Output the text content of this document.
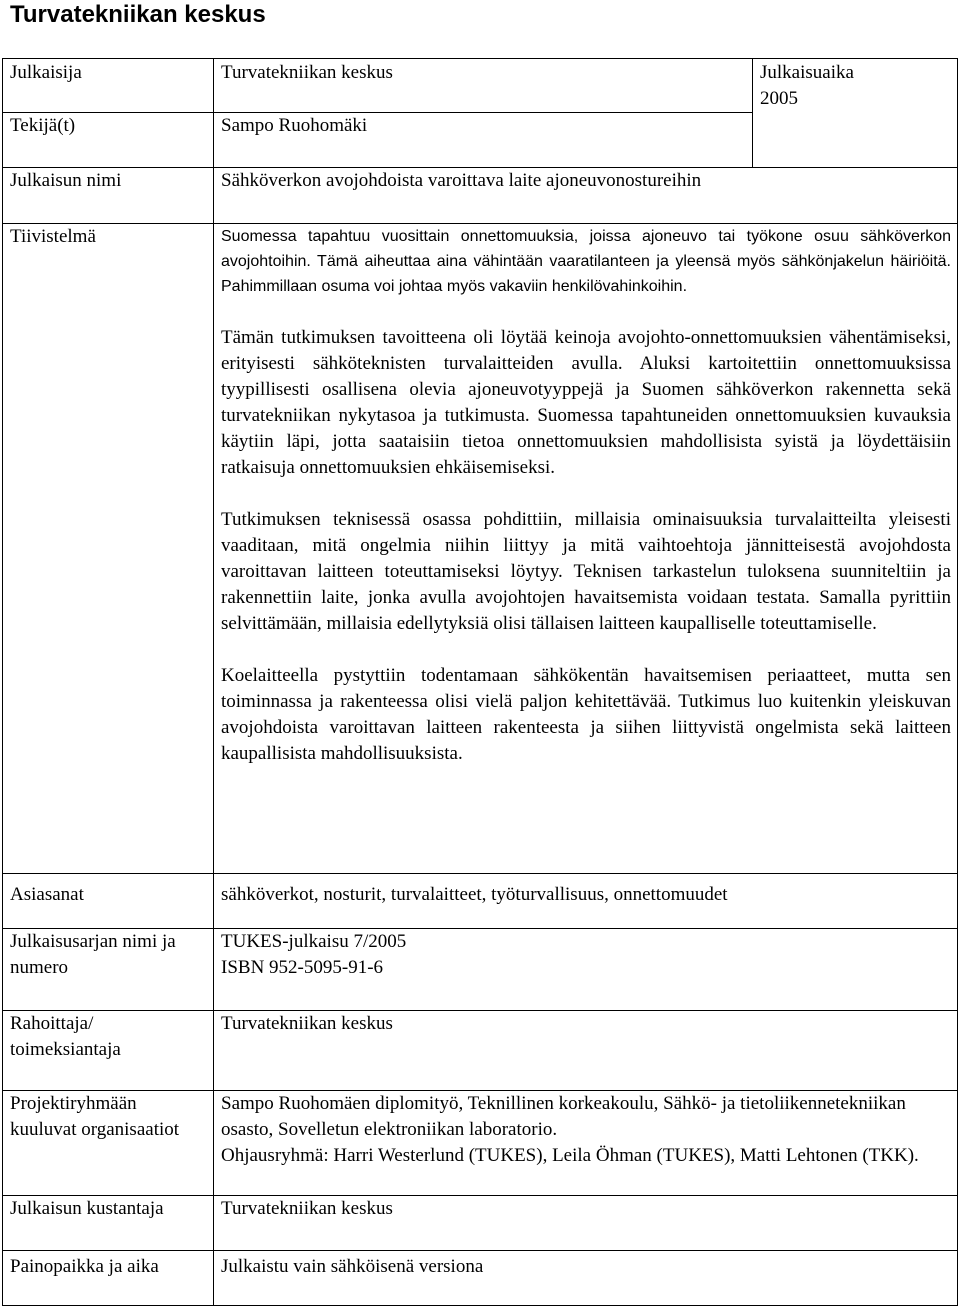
Turvatekniikan keskus
Julkaisija	Turvatekniikan keskus	Julkaisuaika
2005

Tekijä(t)	Sampo Ruohomäki	
Julkaisun nimi	Sähköverkon avojohdoista varoittava laite ajoneuvonostureihin	
Tiivistelmä	Suomessa tapahtuu vuosittain onnettomuuksia, joissa ajoneuvo tai työkone osuu sähköverkon avojohtoihin. Tämä aiheuttaa aina vähintään vaaratilanteen ja yleensä myös sähkönjakelun häiriöitä. Pahimmillaan osuma voi johtaa myös vakaviin henkilövahinkoihin.
Tämän tutkimuksen tavoitteena oli löytää keinoja avojohto-onnettomuuksien vähentämiseksi, erityisesti sähköteknisten turvalaitteiden avulla. Aluksi kartoitettiin onnettomuuksissa tyypillisesti osallisena olevia ajoneuvotyyppejä ja Suomen sähköverkon rakennetta sekä turvatekniikan nykytasoa ja tutkimusta. Suomessa tapahtuneiden onnettomuuksien kuvauksia käytiin läpi, jotta saataisiin tietoa onnettomuuksien mahdollisista syistä ja löydettäisiin ratkaisuja onnettomuuksien ehkäisemiseksi.
Tutkimuksen teknisessä osassa pohdittiin, millaisia ominaisuuksia turvalaitteilta yleisesti vaaditaan, mitä ongelmia niihin liittyy ja mitä vaihtoehtoja jännitteisestä avojohdosta varoittavan laitteen toteuttamiseksi löytyy. Teknisen tarkastelun tuloksena suunniteltiin ja rakennettiin laite, jonka avulla avojohtojen havaitsemista voidaan testata. Samalla pyrittiin selvittämään, millaisia edellytyksiä olisi tällaisen laitteen kaupalliselle toteuttamiselle.
Koelaitteella pystyttiin todentamaan sähkökentän havaitsemisen periaatteet, mutta sen toiminnassa ja rakenteessa olisi vielä paljon kehitettävää. Tutkimus luo kuitenkin yleiskuvan avojohdoista varoittavan laitteen rakenteesta ja siihen liittyvistä ongelmista sekä laitteen kaupallisista mahdollisuuksista.	

Asiasanat	sähköverkot, nosturit, turvalaitteet, työturvallisuus, onnettomuudet	
Julkaisusarjan nimi ja numero	TUKES-julkaisu 7/2005
ISBN 952-5095-91-6	

Rahoittaja/ toimeksiantaja	Turvatekniikan keskus	
Projektiryhmään kuuluvat organisaatiot	Sampo Ruohomäen diplomityö, Teknillinen korkeakoulu, Sähkö- ja tietoliikennetekniikan osasto, Sovelletun elektroniikan laboratorio.
Ohjausryhmä: Harri Westerlund (TUKES), Leila Öhman (TUKES), Matti Lehtonen (TKK).	

Julkaisun kustantaja	Turvatekniikan keskus	
Painopaikka ja aika	Julkaistu vain sähköisenä versiona	
